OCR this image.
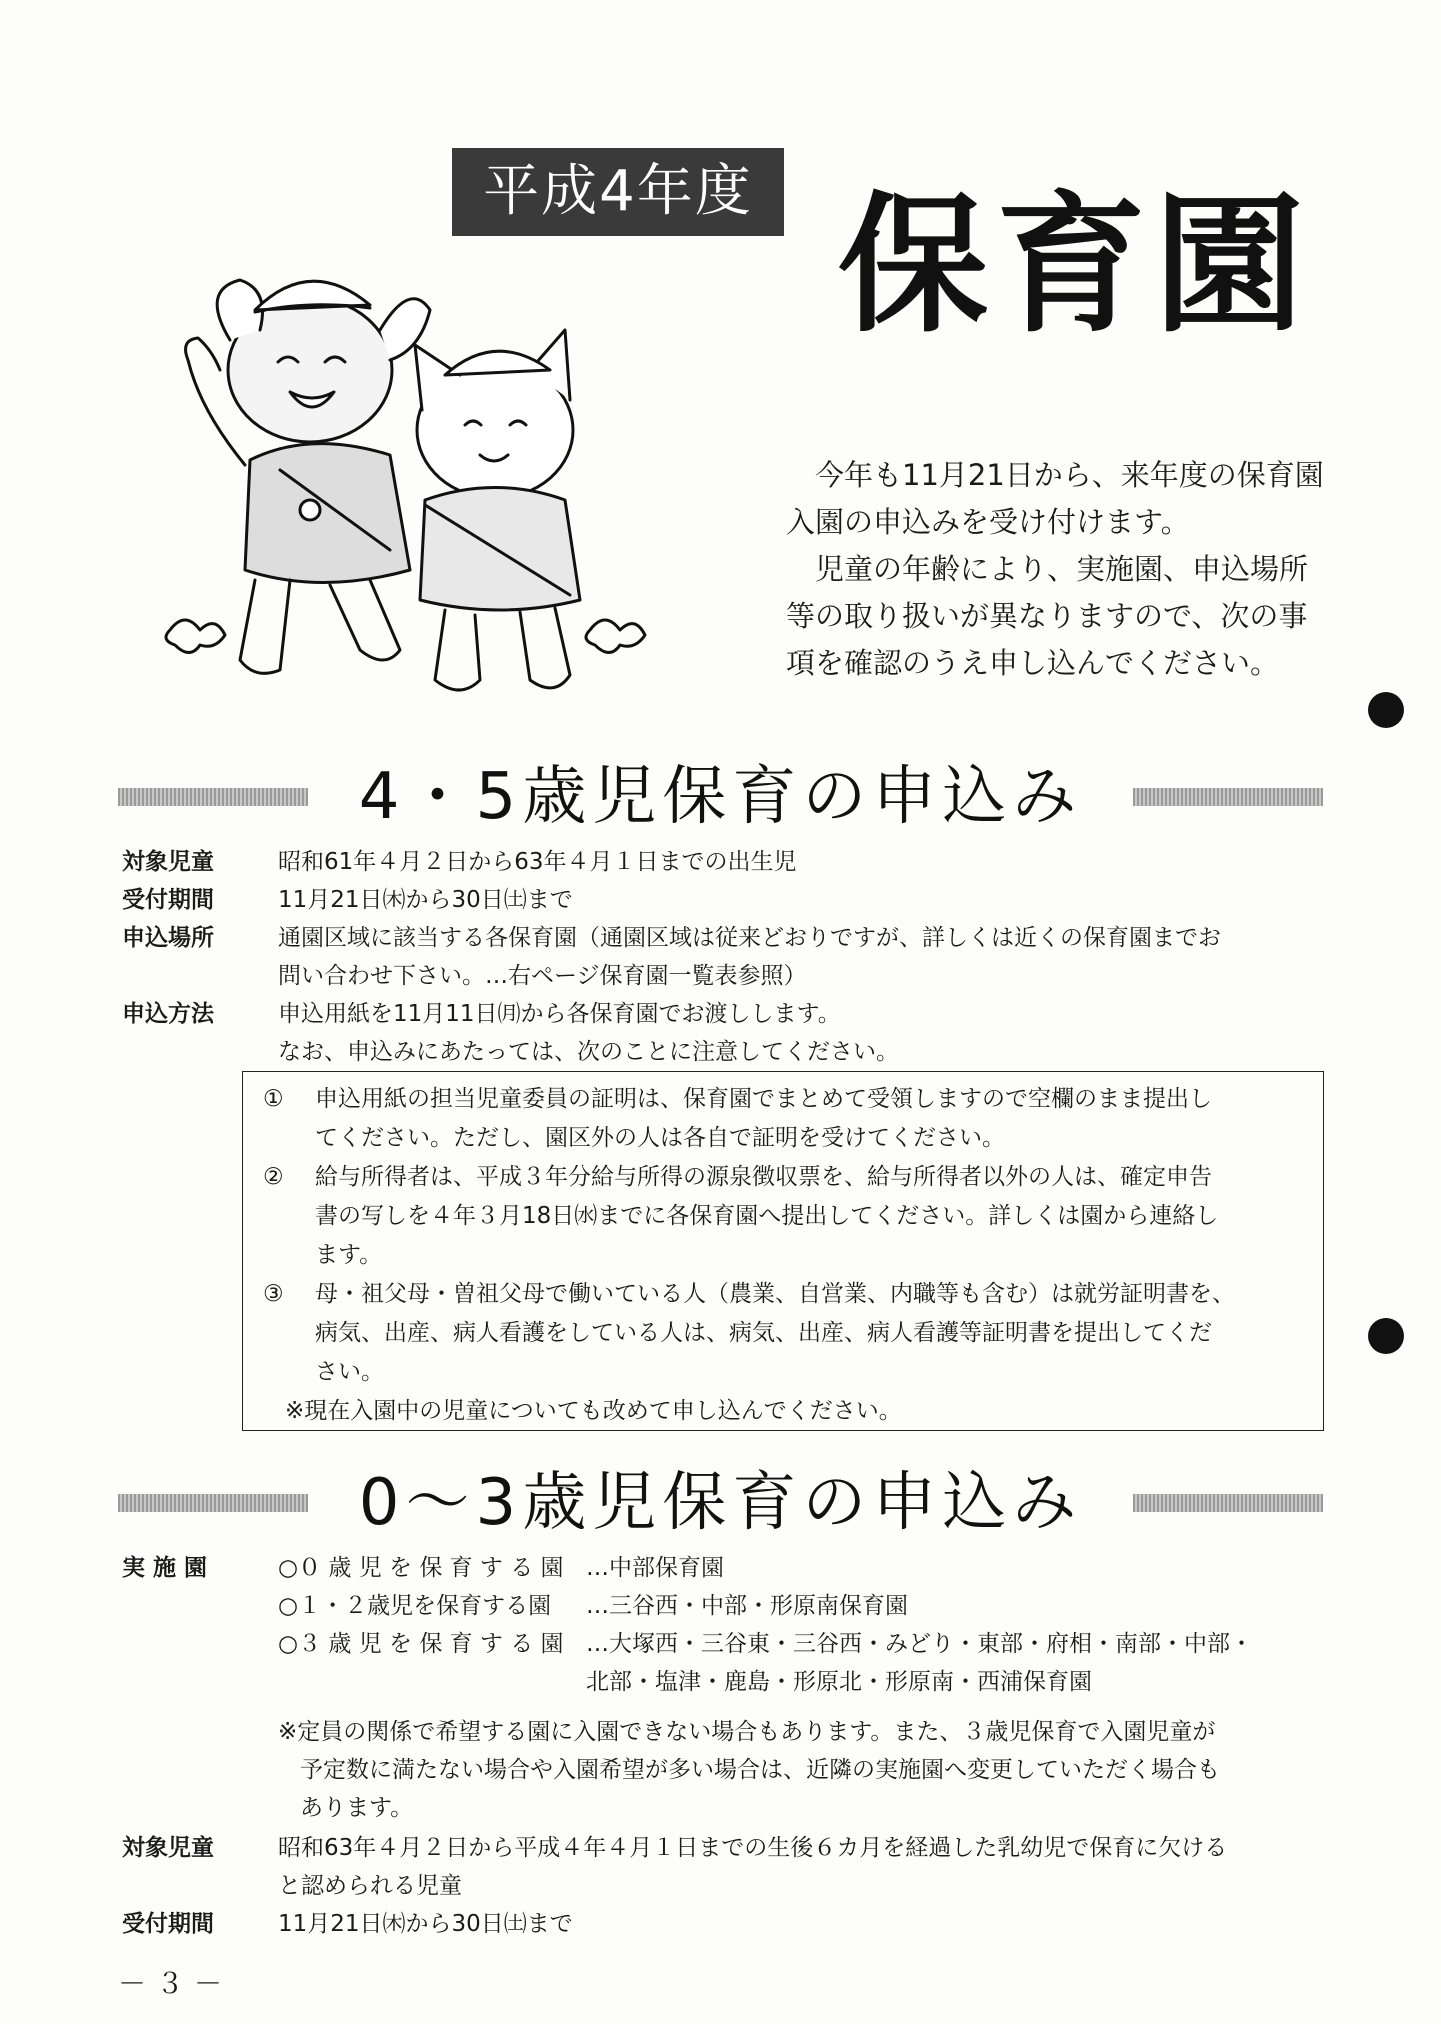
平成4年度 保育園

今年も11月21日から、来年度の保育園入園の申込みを受け付けます。

児童の年齢により、実施園、申込場所等の取り扱いが異なりますので、次の事項を確認のうえ申し込んでください。

4・5歳児保育の申込み
対象児童	昭和61年４月２日から63年４月１日までの出生児
受付期間	11月21日㈭から30日㈯まで
申込場所	通園区域に該当する各保育園（通園区域は従来どおりですが、詳しくは近くの保育園までお
問い合わせ下さい。…右ページ保育園一覧表参照）
申込方法	申込用紙を11月11日㈪から各保育園でお渡しします。
なお、申込みにあたっては、次のことに注意してください。
① 申込用紙の担当児童委員の証明は、保育園でまとめて受領しますので空欄のまま提出し
てください。ただし、園区外の人は各自で証明を受けてください。
② 給与所得者は、平成３年分給与所得の源泉徴収票を、給与所得者以外の人は、確定申告
書の写しを４年３月18日㈬までに各保育園へ提出してください。詳しくは園から連絡し
ます。
③ 母・祖父母・曽祖父母で働いている人（農業、自営業、内職等も含む）は就労証明書を、
病気、出産、病人看護をしている人は、病気、出産、病人看護等証明書を提出してくだ
さい。
※現在入園中の児童についても改めて申し込んでください。
0～3歳児保育の申込み
実 施 園	○０ 歳 児 を 保 育 す る 園 …中部保育園
○１・２歳児を保育する園 …三谷西・中部・形原南保育園
○３ 歳 児 を 保 育 す る 園 …大塚西・三谷東・三谷西・みどり・東部・府相・南部・中部・
北部・塩津・鹿島・形原北・形原南・西浦保育園
※定員の関係で希望する園に入園できない場合もあります。また、３歳児保育で入園児童が
予定数に満たない場合や入園希望が多い場合は、近隣の実施園へ変更していただく場合も
あります。
対象児童	昭和63年４月２日から平成４年４月１日までの生後６カ月を経過した乳幼児で保育に欠ける
と認められる児童
受付期間	11月21日㈭から30日㈯まで
－３－
